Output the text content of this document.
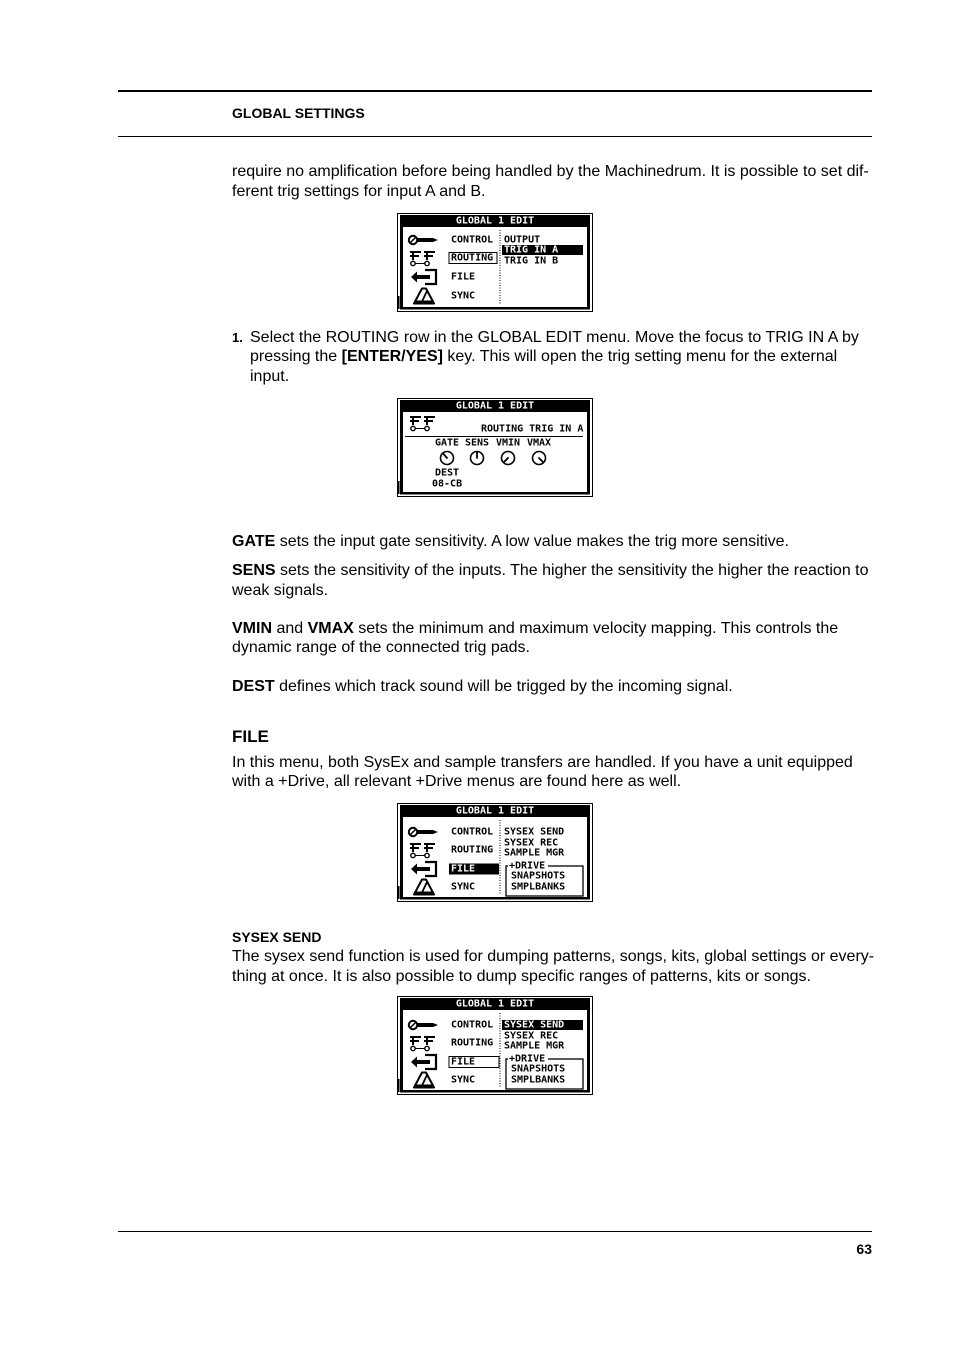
GLOBAL SETTINGS
require no amplification before being handled by the Machinedrum. It is possible to set dif-
ferent trig settings for input A and B.
GLOBAL 1 EDIT
CONTROL
ROUTING
FILE
SYNC
OUTPUT
TRIG IN A
TRIG IN B
1. Select the ROUTING row in the GLOBAL EDIT menu. Move the focus to TRIG IN A by
pressing the [ENTER/YES] key. This will open the trig setting menu for the external
input.
GLOBAL 1 EDIT
ROUTING TRIG IN A
GATE SENS VMIN VMAX
DEST
08-CB
GATE sets the input gate sensitivity. A low value makes the trig more sensitive.
SENS sets the sensitivity of the inputs. The higher the sensitivity the higher the reaction to
weak signals.
VMIN and VMAX sets the minimum and maximum velocity mapping. This controls the
dynamic range of the connected trig pads.
DEST defines which track sound will be trigged by the incoming signal.
FILE
In this menu, both SysEx and sample transfers are handled. If you have a unit equipped
with a +Drive, all relevant +Drive menus are found here as well.
GLOBAL 1 EDIT
CONTROL
ROUTING
FILE
SYNC
SYSEX SEND
SYSEX REC
SAMPLE MGR
+DRIVE
SNAPSHOTS
SMPLBANKS
SYSEX SEND
The sysex send function is used for dumping patterns, songs, kits, global settings or every-
thing at once. It is also possible to dump specific ranges of patterns, kits or songs.
GLOBAL 1 EDIT
CONTROL
ROUTING
FILE
SYNC
SYSEX SEND
SYSEX REC
SAMPLE MGR
+DRIVE
SNAPSHOTS
SMPLBANKS
63
